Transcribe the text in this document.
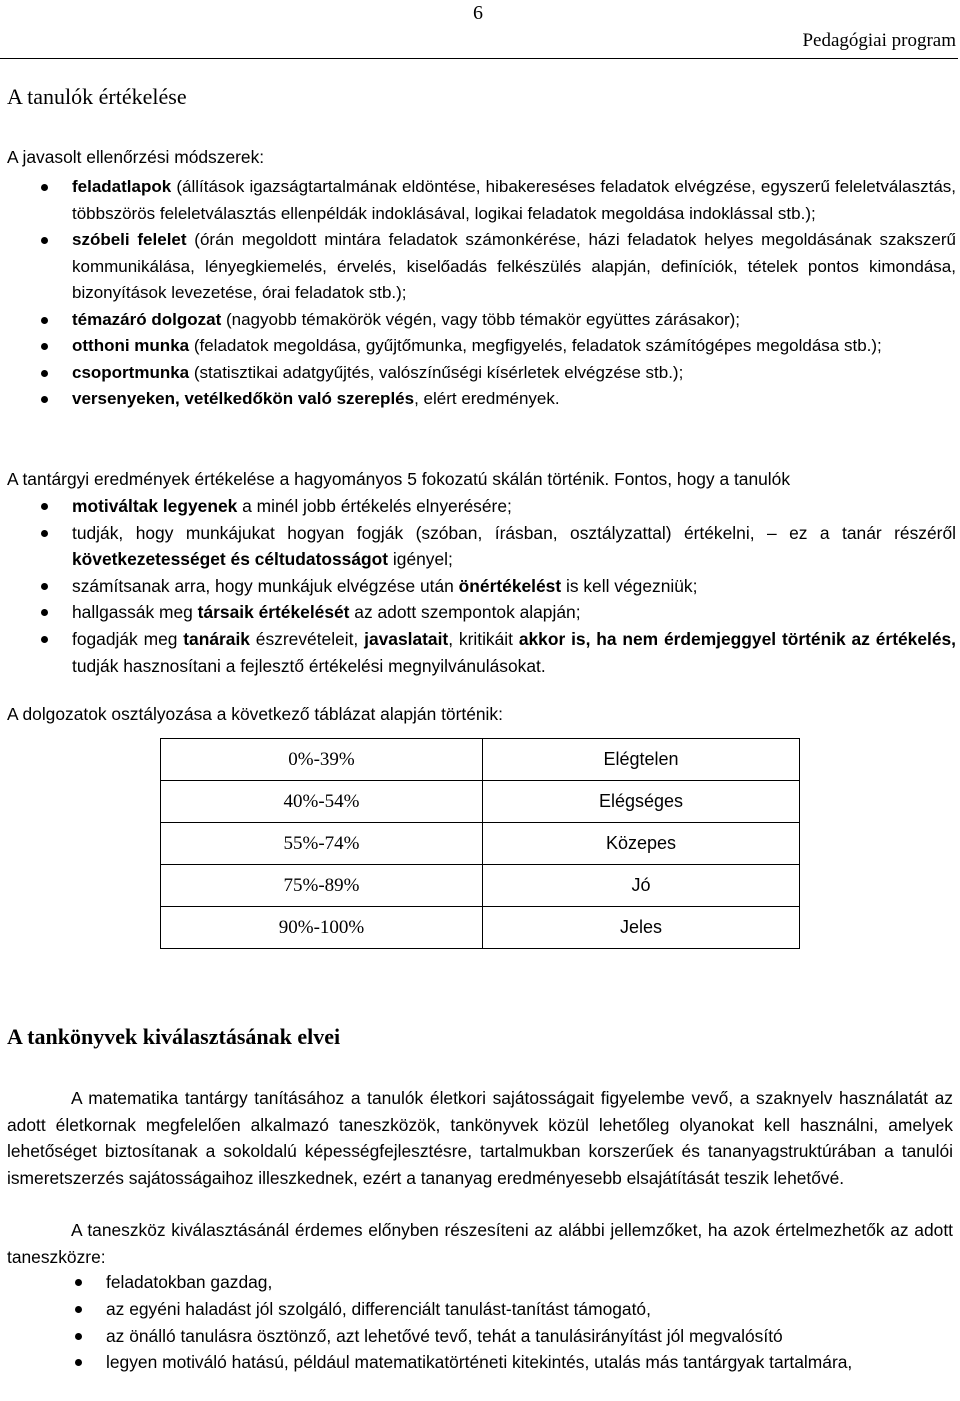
6
Pedagógiai program
A tanulók értékelése

A javasolt ellenőrzési módszerek:

feladatlapok (állítások igazságtartalmának eldöntése, hibakereséses feladatok elvégzése, egyszerű feleletválasztás, többszörös feleletválasztás ellenpéldák indoklásával, logikai feladatok megoldása indoklással stb.);
szóbeli felelet (órán megoldott mintára feladatok számonkérése, házi feladatok helyes megoldásának szakszerű kommunikálása, lényegkiemelés, érvelés, kiselőadás felkészülés alapján, definíciók, tételek pontos kimondása, bizonyítások levezetése, órai feladatok stb.);
témazáró dolgozat (nagyobb témakörök végén, vagy több témakör együttes zárásakor);
otthoni munka (feladatok megoldása, gyűjtőmunka, megfigyelés, feladatok számítógépes megoldása stb.);
csoportmunka (statisztikai adatgyűjtés, valószínűségi kísérletek elvégzése stb.);
versenyeken, vetélkedőkön való szereplés, elért eredmények.

A tantárgyi eredmények értékelése a hagyományos 5 fokozatú skálán történik. Fontos, hogy a tanulók

motiváltak legyenek a minél jobb értékelés elnyerésére;
tudják, hogy munkájukat hogyan fogják (szóban, írásban, osztályzattal) értékelni, – ez a tanár részéről következetességet és céltudatosságot igényel;
számítsanak arra, hogy munkájuk elvégzése után önértékelést is kell végezniük;
hallgassák meg társaik értékelését az adott szempontok alapján;
fogadják meg tanáraik észrevételeit, javaslatait, kritikáit akkor is, ha nem érdemjeggyel történik az értékelés, tudják hasznosítani a fejlesztő értékelési megnyilvánulásokat.

A dolgozatok osztályozása a következő táblázat alapján történik:

0%-39%	Elégtelen
40%-54%	Elégséges
55%-74%	Közepes
75%-89%	Jó
90%-100%	Jeles
A tankönyvek kiválasztásának elvei

A matematika tantárgy tanításához a tanulók életkori sajátosságait figyelembe vevő, a szaknyelv használatát az adott életkornak megfelelően alkalmazó taneszközök, tankönyvek közül lehetőleg olyanokat kell használni, amelyek lehetőséget biztosítanak a sokoldalú képességfejlesztésre, tartalmukban korszerűek és tananyagstruktúrában a tanulói ismeretszerzés sajátosságaihoz illeszkednek, ezért a tananyag eredményesebb elsajátítását teszik lehetővé.

A taneszköz kiválasztásánál érdemes előnyben részesíteni az alábbi jellemzőket, ha azok értelmezhetők az adott taneszközre:

feladatokban gazdag,
az egyéni haladást jól szolgáló, differenciált tanulást-tanítást támogató,
az önálló tanulásra ösztönző, azt lehetővé tevő, tehát a tanulásirányítást jól megvalósító
legyen motiváló hatású, például matematikatörténeti kitekintés, utalás más tantárgyak tartalmára,
